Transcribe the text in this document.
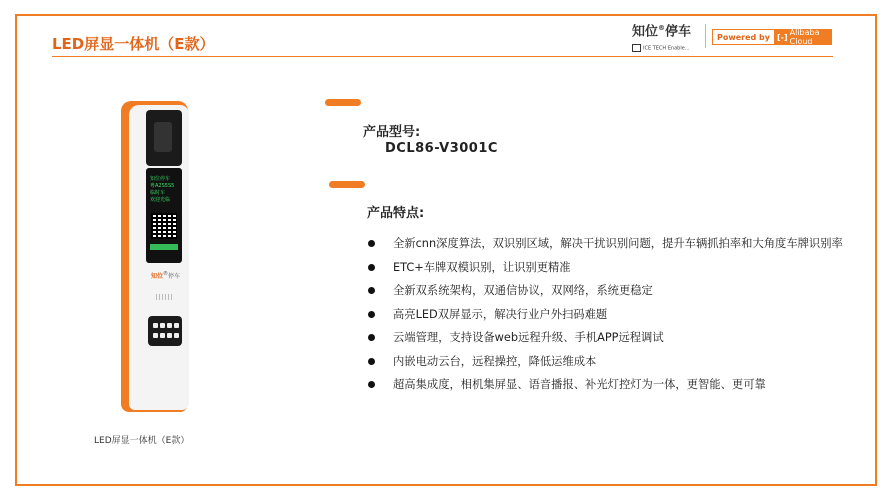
LED屏显一体机（E款）
知位®停车
ICE TECH Enable...
Powered by [-] Alibaba Cloud
知位停车
粤A2S5S5
临时车
欢迎光临
知位®停车
LED屏显一体机（E款）
产品型号:
DCL86-V3001C
产品特点:
全新cnn深度算法，双识别区域，解决干扰识别问题，提升车辆抓拍率和大角度车牌识别率
ETC+车牌双模识别，让识别更精准
全新双系统架构，双通信协议，双网络，系统更稳定
高亮LED双屏显示，解决行业户外扫码难题
云端管理，支持设备web远程升级、手机APP远程调试
内嵌电动云台，远程操控，降低运维成本
超高集成度，相机集屏显、语音播报、补光灯控灯为一体，更智能、更可靠
